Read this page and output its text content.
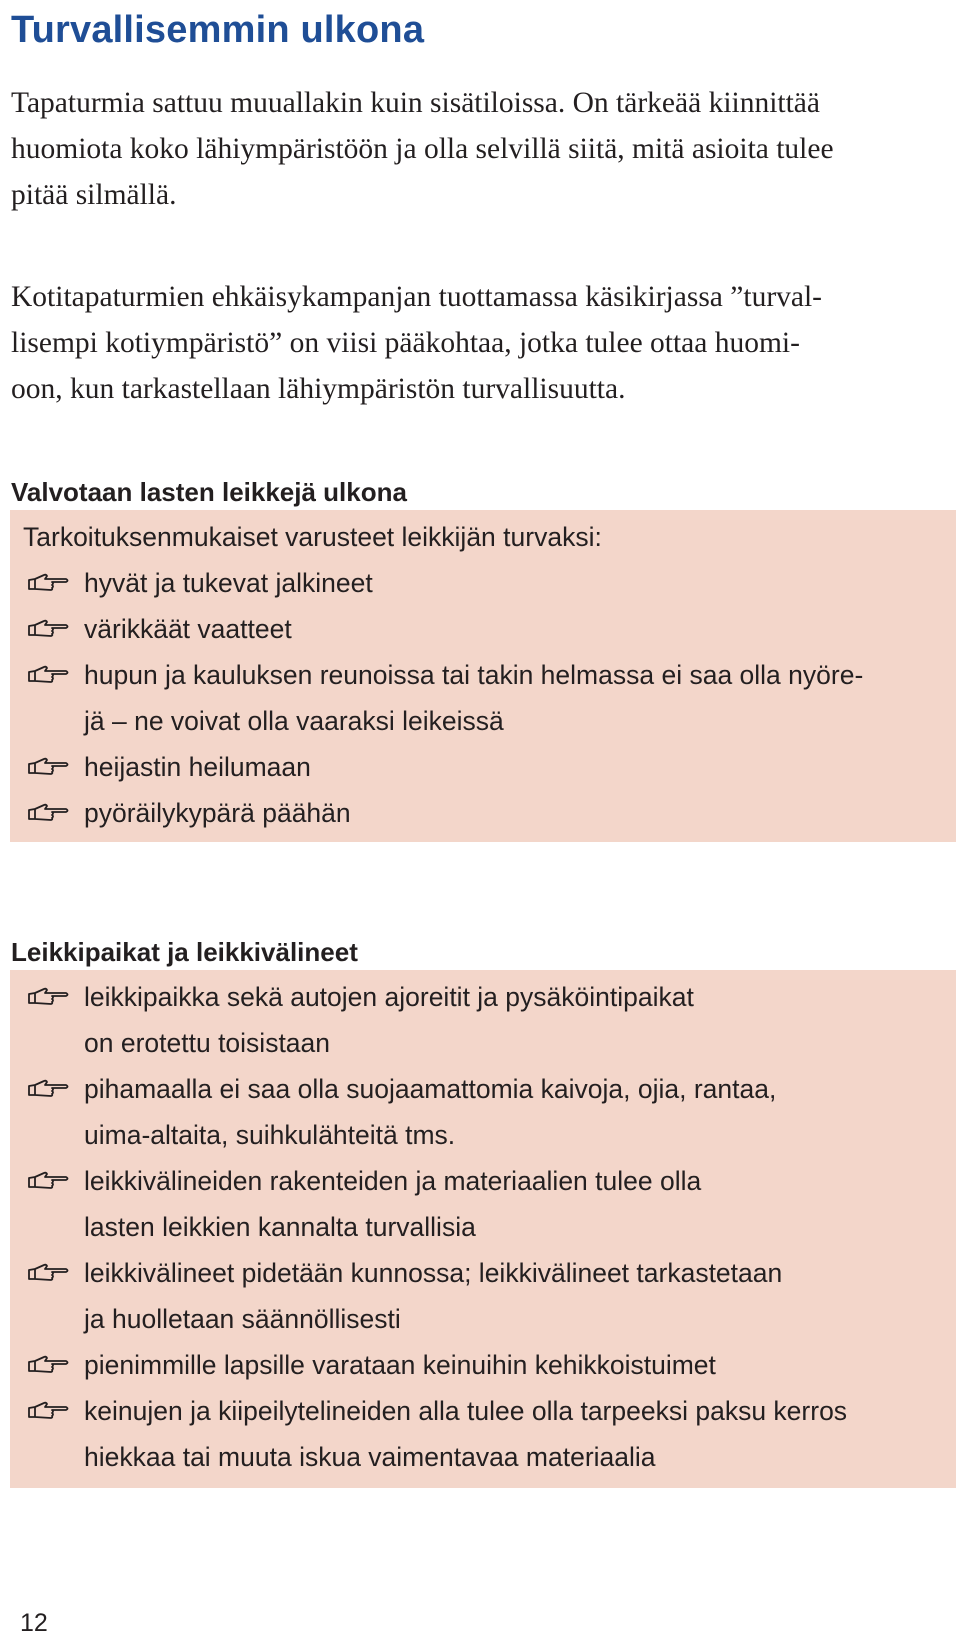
Turvallisemmin ulkona

Tapaturmia sattuu muuallakin kuin sisätiloissa. On tärkeää kiinnittää
huomiota koko lähiympäristöön ja olla selvillä siitä, mitä asioita tulee
pitää silmällä.

Kotitapaturmien ehkäisykampanjan tuottamassa käsikirjassa ”turval-
lisempi kotiympäristö” on viisi pääkohtaa, jotka tulee ottaa huomi-
oon, kun tarkastellaan lähiympäristön turvallisuutta.

Valvotaan lasten leikkejä ulkona
Tarkoituksenmukaiset varusteet leikkijän turvaksi:
hyvät ja tukevat jalkineet
värikkäät vaatteet
hupun ja kauluksen reunoissa tai takin helmassa ei saa olla nyöre-
jä – ne voivat olla vaaraksi leikeissä
heijastin heilumaan
pyöräilykypärä päähän
Leikkipaikat ja leikkivälineet
leikkipaikka sekä autojen ajoreitit ja pysäköintipaikat
on erotettu toisistaan
pihamaalla ei saa olla suojaamattomia kaivoja, ojia, rantaa,
uima-altaita, suihkulähteitä tms.
leikkivälineiden rakenteiden ja materiaalien tulee olla
lasten leikkien kannalta turvallisia
leikkivälineet pidetään kunnossa; leikkivälineet tarkastetaan
ja huolletaan säännöllisesti
pienimmille lapsille varataan keinuihin kehikkoistuimet
keinujen ja kiipeilytelineiden alla tulee olla tarpeeksi paksu kerros
hiekkaa tai muuta iskua vaimentavaa materiaalia
12
